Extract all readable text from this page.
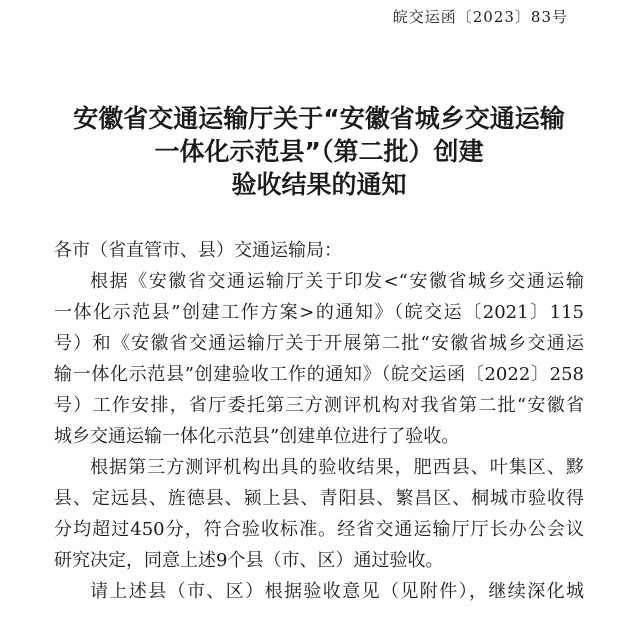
皖交运函〔2023〕83号
安徽省交通运输厅关于“安徽省城乡交通运输
一体化示范县”（第二批）创建
验收结果的通知
各市（省直管市、县）交通运输局：
根据《安徽省交通运输厅关于印发<“安徽省城乡交通运输
一体化示范县”创建工作方案>的通知》（皖交运〔2021〕115
号）和《安徽省交通运输厅关于开展第二批“安徽省城乡交通运
输一体化示范县”创建验收工作的通知》（皖交运函〔2022〕258
号）工作安排，省厅委托第三方测评机构对我省第二批“安徽省
城乡交通运输一体化示范县”创建单位进行了验收。
根据第三方测评机构出具的验收结果，肥西县、叶集区、黟
县、定远县、旌德县、颍上县、青阳县、繁昌区、桐城市验收得
分均超过450分，符合验收标准。经省交通运输厅厅长办公会议
研究决定，同意上述9个县（市、区）通过验收。
请上述县（市、区）根据验收意见（见附件），继续深化城
